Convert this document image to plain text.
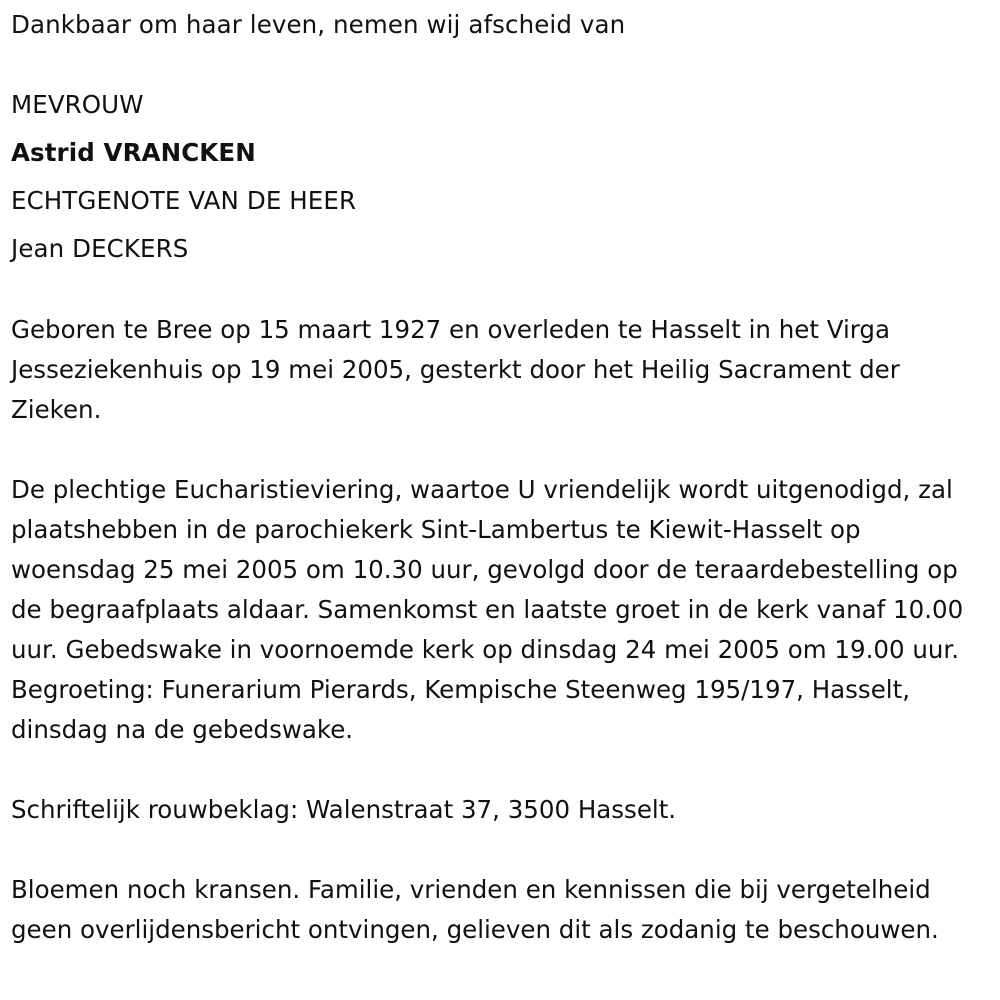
Dankbaar om haar leven, nemen wij afscheid van
MEVROUW
Astrid VRANCKEN
ECHTGENOTE VAN DE HEER
Jean DECKERS

Geboren te Bree op 15 maart 1927 en overleden te Hasselt in het Virga Jesseziekenhuis op 19 mei 2005, gesterkt door het Heilig Sacrament der Zieken.

De plechtige Eucharistieviering, waartoe U vriendelijk wordt uitgenodigd, zal plaatshebben in de parochiekerk Sint-Lambertus te Kiewit-Hasselt op woensdag 25 mei 2005 om 10.30 uur, gevolgd door de teraardebestelling op de begraafplaats aldaar. Samenkomst en laatste groet in de kerk vanaf 10.00 uur. Gebedswake in voornoemde kerk op dinsdag 24 mei 2005 om 19.00 uur. Begroeting: Funerarium Pierards, Kempische Steenweg 195/197, Hasselt, dinsdag na de gebedswake.

Schriftelijk rouwbeklag: Walenstraat 37, 3500 Hasselt.

Bloemen noch kransen. Familie, vrienden en kennissen die bij vergetelheid geen overlijdensbericht ontvingen, gelieven dit als zodanig te beschouwen.
